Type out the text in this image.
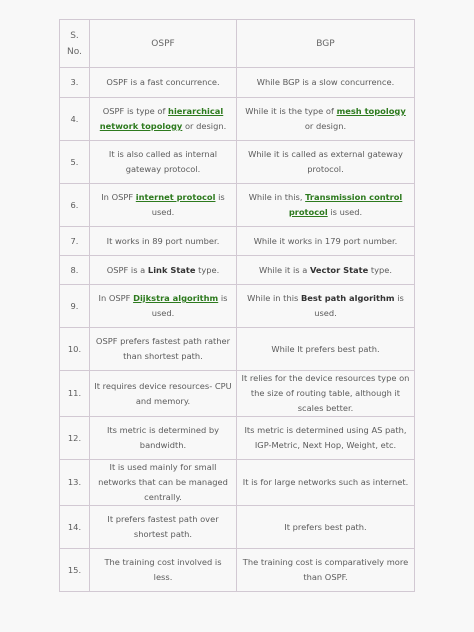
S. No.	OSPF	BGP
3.	OSPF is a fast concurrence.	While BGP is a slow concurrence.
4.	OSPF is type of hierarchical network topology or design.	While it is the type of mesh topology or design.
5.	It is also called as internal gateway protocol.	While it is called as external gateway protocol.
6.	In OSPF internet protocol is used.	While in this, Transmission control protocol is used.
7.	It works in 89 port number.	While it works in 179 port number.
8.	OSPF is a Link State type.	While it is a Vector State type.
9.	In OSPF Dijkstra algorithm is used.	While in this Best path algorithm is used.
10.	OSPF prefers fastest path rather than shortest path.	While It prefers best path.
11.	It requires device resources- CPU and memory.	It relies for the device resources type on the size of routing table, although it scales better.
12.	Its metric is determined by bandwidth.	Its metric is determined using AS path, IGP-Metric, Next Hop, Weight, etc.
13.	It is used mainly for small networks that can be managed centrally.	It is for large networks such as internet.
14.	It prefers fastest path over shortest path.	It prefers best path.
15.	The training cost involved is less.	The training cost is comparatively more than OSPF.
